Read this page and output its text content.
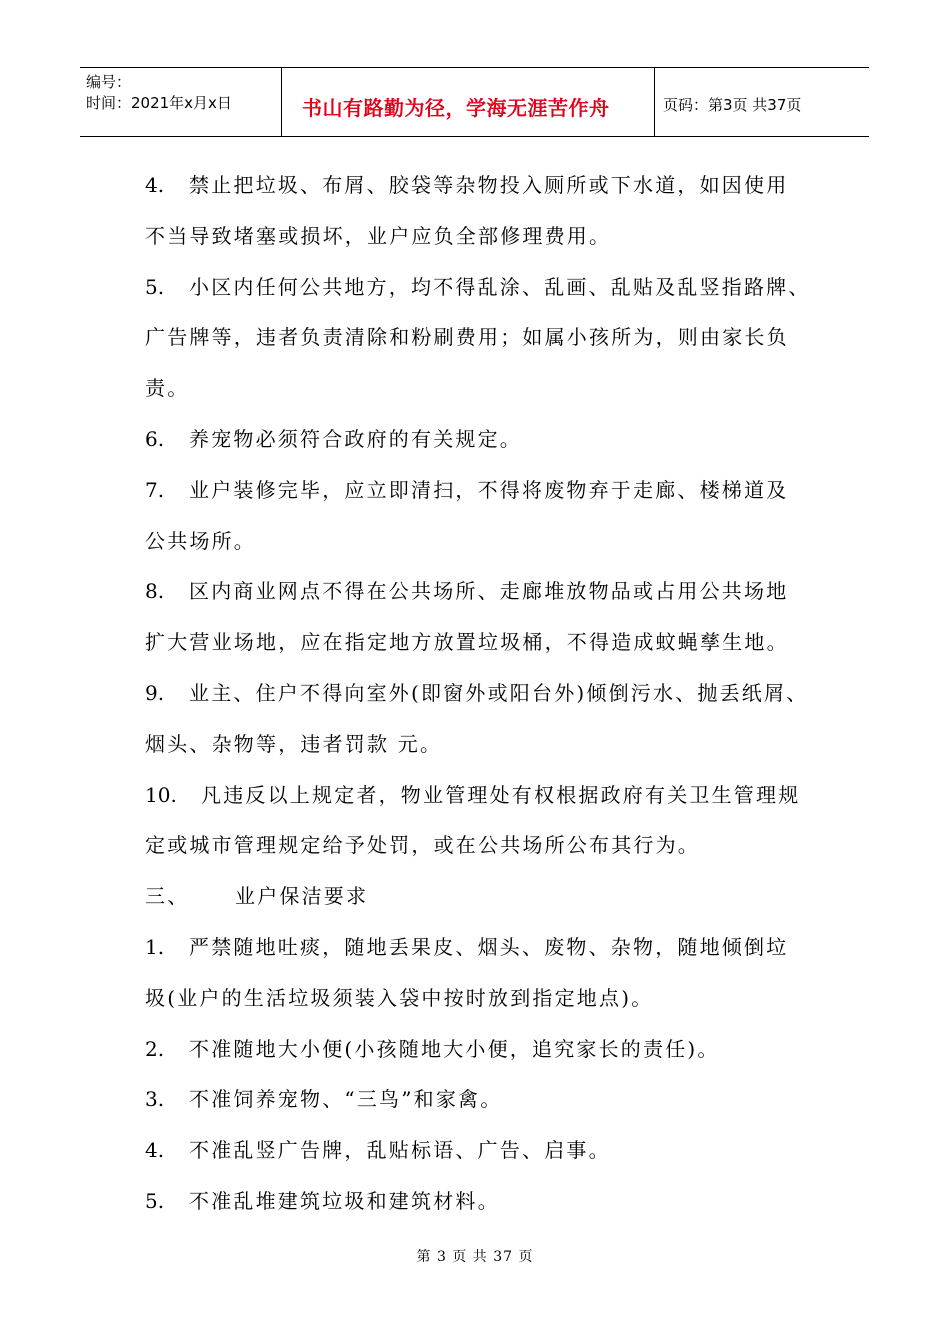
编号：
时间：2021年x月x日	书山有路勤为径，学海无涯苦作舟	页码：第3页 共37页
4. 禁止把垃圾、布屑、胶袋等杂物投入厕所或下水道，如因使用
不当导致堵塞或损坏，业户应负全部修理费用。
5. 小区内任何公共地方，均不得乱涂、乱画、乱贴及乱竖指路牌、
广告牌等，违者负责清除和粉刷费用；如属小孩所为，则由家长负
责。
6. 养宠物必须符合政府的有关规定。
7. 业户装修完毕，应立即清扫，不得将废物弃于走廊、楼梯道及
公共场所。
8. 区内商业网点不得在公共场所、走廊堆放物品或占用公共场地
扩大营业场地，应在指定地方放置垃圾桶，不得造成蚊蝇孳生地。
9. 业主、住户不得向室外(即窗外或阳台外)倾倒污水、抛丢纸屑、
烟头、杂物等，违者罚款 元。
10. 凡违反以上规定者，物业管理处有权根据政府有关卫生管理规
定或城市管理规定给予处罚，或在公共场所公布其行为。
三、 业户保洁要求
1. 严禁随地吐痰，随地丢果皮、烟头、废物、杂物，随地倾倒垃
圾(业户的生活垃圾须装入袋中按时放到指定地点)。
2. 不准随地大小便(小孩随地大小便，追究家长的责任)。
3. 不准饲养宠物、“三鸟”和家禽。
4. 不准乱竖广告牌，乱贴标语、广告、启事。
5. 不准乱堆建筑垃圾和建筑材料。
第 3 页 共 37 页
